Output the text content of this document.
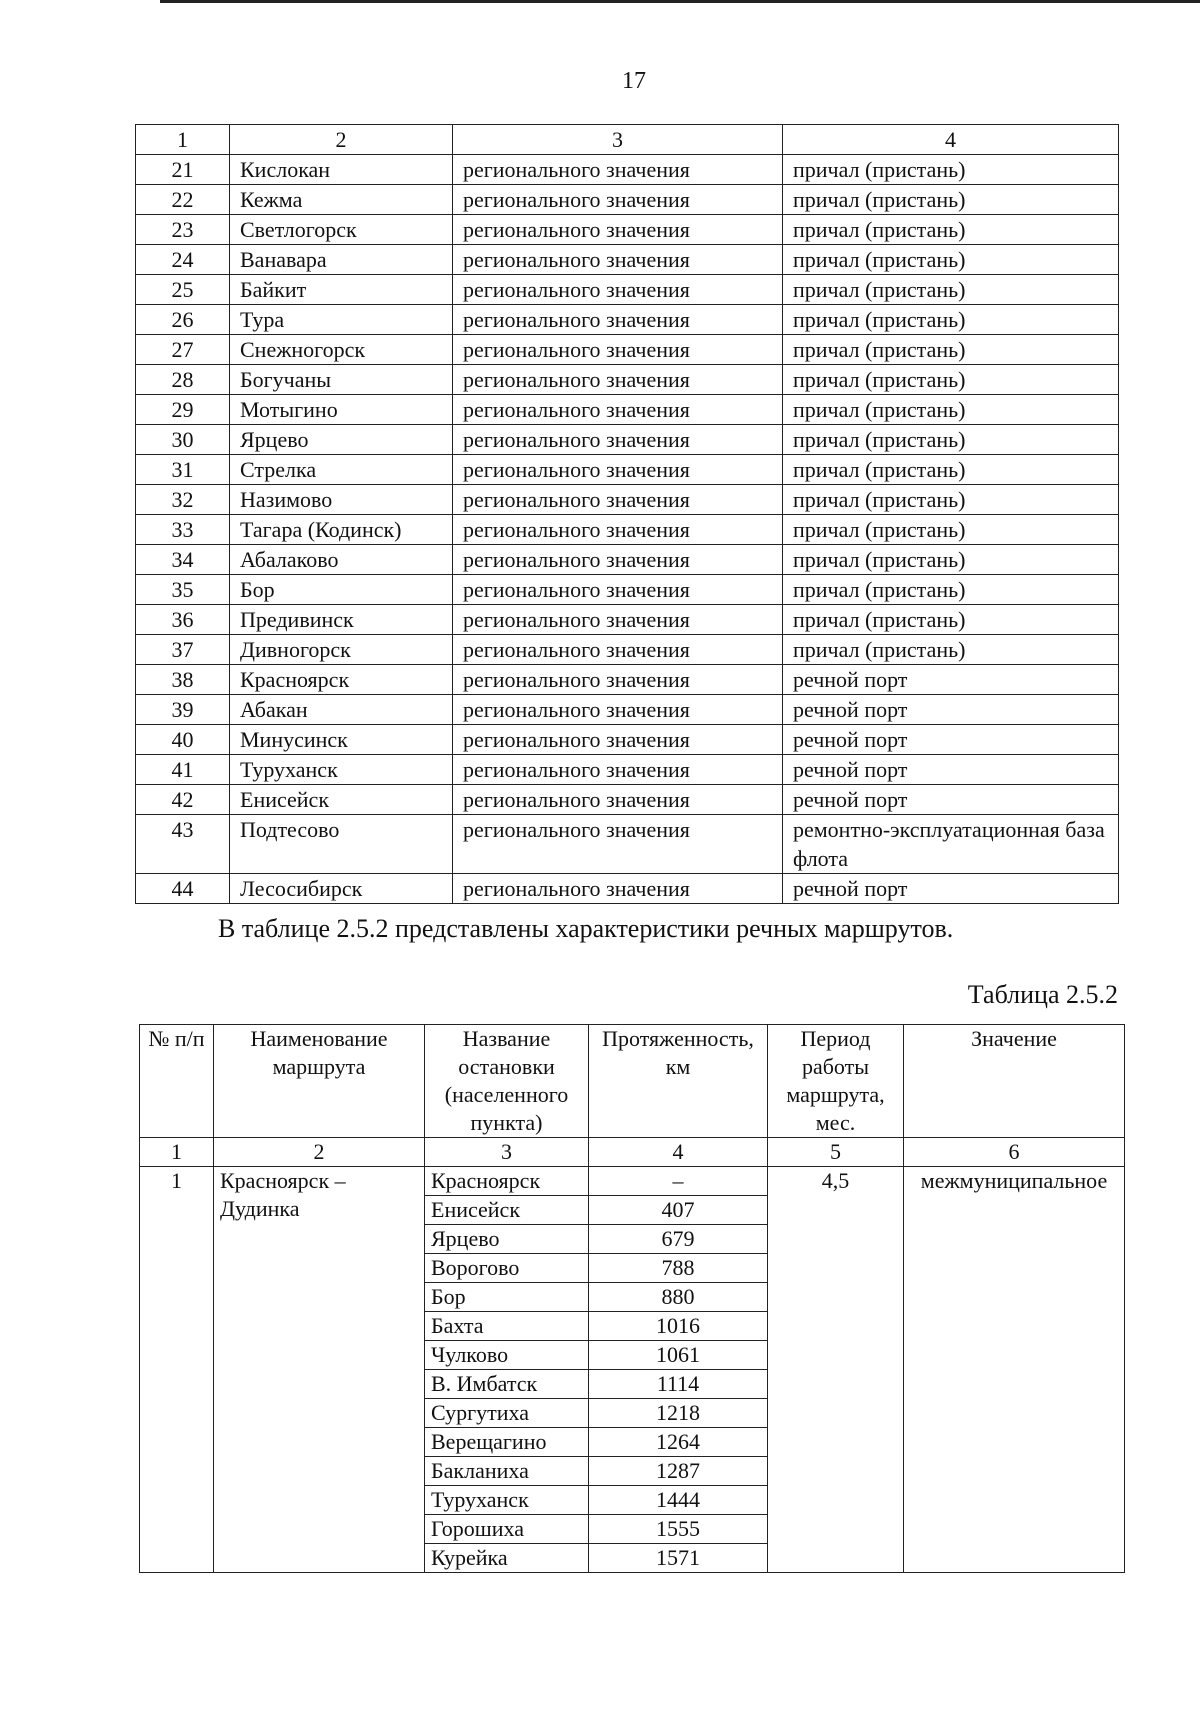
17
1	2	3	4
21	Кислокан	регионального значения	причал (пристань)
22	Кежма	регионального значения	причал (пристань)
23	Светлогорск	регионального значения	причал (пристань)
24	Ванавара	регионального значения	причал (пристань)
25	Байкит	регионального значения	причал (пристань)
26	Тура	регионального значения	причал (пристань)
27	Снежногорск	регионального значения	причал (пристань)
28	Богучаны	регионального значения	причал (пристань)
29	Мотыгино	регионального значения	причал (пристань)
30	Ярцево	регионального значения	причал (пристань)
31	Стрелка	регионального значения	причал (пристань)
32	Назимово	регионального значения	причал (пристань)
33	Тагара (Кодинск)	регионального значения	причал (пристань)
34	Абалаково	регионального значения	причал (пристань)
35	Бор	регионального значения	причал (пристань)
36	Предивинск	регионального значения	причал (пристань)
37	Дивногорск	регионального значения	причал (пристань)
38	Красноярск	регионального значения	речной порт
39	Абакан	регионального значения	речной порт
40	Минусинск	регионального значения	речной порт
41	Туруханск	регионального значения	речной порт
42	Енисейск	регионального значения	речной порт
43	Подтесово	регионального значения	ремонтно-эксплуатационная база флота
44	Лесосибирск	регионального значения	речной порт
В таблице 2.5.2 представлены характеристики речных маршрутов.
Таблица 2.5.2
№ п/п	Наименование маршрута	Название остановки (населенного пункта)	Протяженность, км	Период работы маршрута, мес.	Значение
1	2	3	4	5	6
1	Красноярск – Дудинка	Красноярск	–	4,5	межмуниципальное
		Енисейск	407		
		Ярцево	679		
		Ворогово	788		
		Бор	880		
		Бахта	1016		
		Чулково	1061		
		В. Имбатск	1114		
		Сургутиха	1218		
		Верещагино	1264		
		Бакланиха	1287		
		Туруханск	1444		
		Горошиха	1555		
		Курейка	1571		
